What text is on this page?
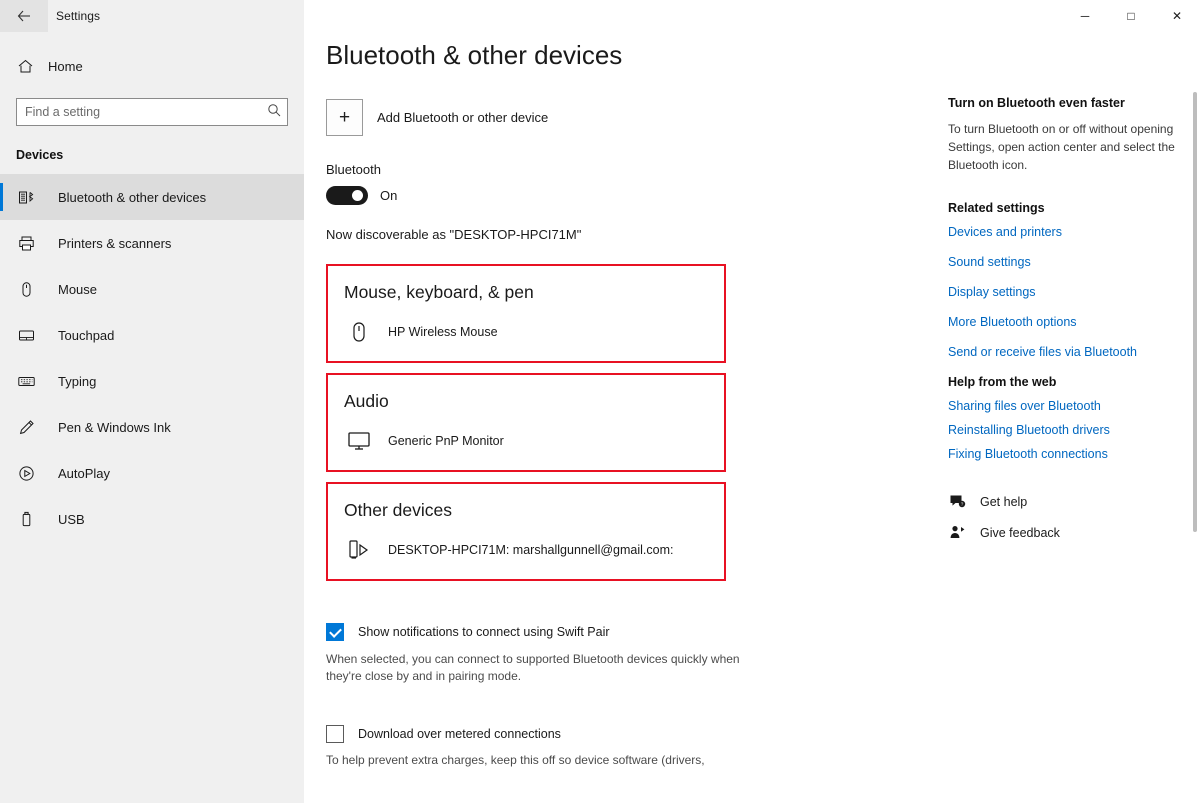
Settings	─	□	✕
Home
Find a setting
Devices
Bluetooth & other devices
Printers & scanners
Mouse
Touchpad
Typing
Pen & Windows Ink
AutoPlay
USB
Bluetooth & other devices
+	Add Bluetooth or other device
Bluetooth
On
Now discoverable as "DESKTOP-HPCI71M"
Mouse, keyboard, & pen
HP Wireless Mouse
Audio
Generic PnP Monitor
Other devices
DESKTOP-HPCI71M: marshallgunnell@gmail.com:
Show notifications to connect using Swift Pair

When selected, you can connect to supported Bluetooth devices quickly when they're close by and in pairing mode.

Download over metered connections

To help prevent extra charges, keep this off so device software (drivers,

Turn on Bluetooth even faster

To turn Bluetooth on or off without opening Settings, open action center and select the Bluetooth icon.

Related settings
Devices and printers
Sound settings
Display settings
More Bluetooth options
Send or receive files via Bluetooth
Help from the web
Sharing files over Bluetooth
Reinstalling Bluetooth drivers
Fixing Bluetooth connections
? Get help
Give feedback
